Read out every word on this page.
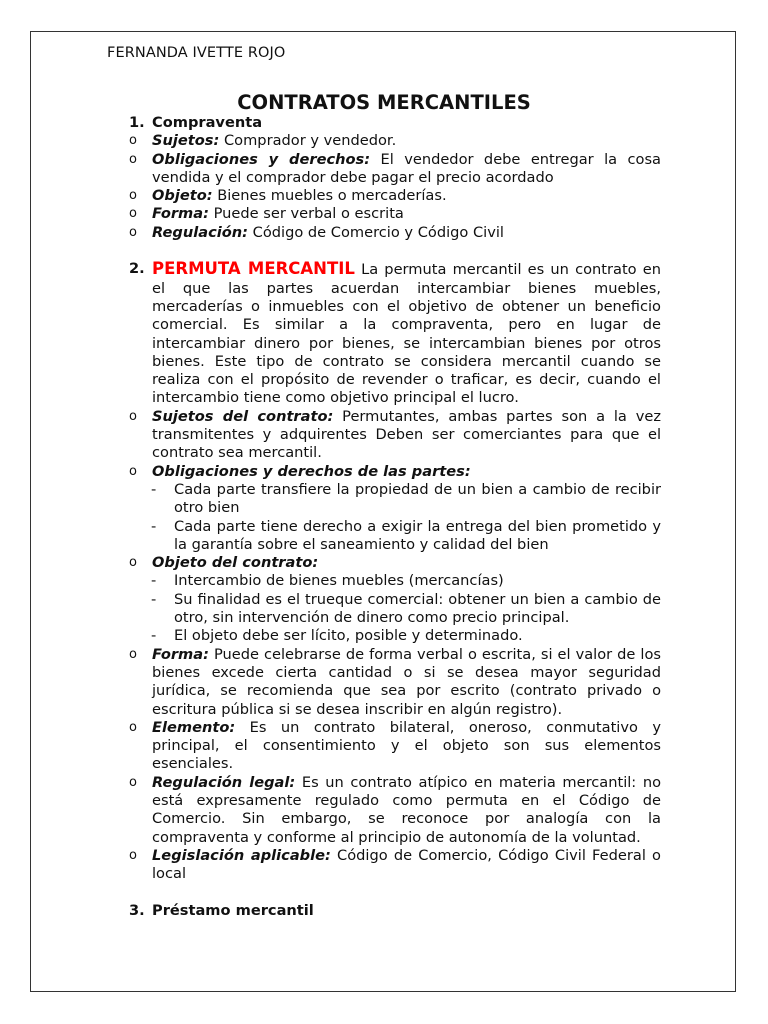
FERNANDA IVETTE ROJO
CONTRATOS MERCANTILES
1. Compraventa
o Sujetos: Comprador y vendedor.
o Obligaciones y derechos: El vendedor debe entregar la cosa vendida y el comprador debe pagar el precio acordado
o Objeto: Bienes muebles o mercaderías.
o Forma: Puede ser verbal o escrita
o Regulación: Código de Comercio y Código Civil
2. PERMUTA MERCANTIL La permuta mercantil es un contrato en el que las partes acuerdan intercambiar bienes muebles, mercaderías o inmuebles con el objetivo de obtener un beneficio comercial. Es similar a la compraventa, pero en lugar de intercambiar dinero por bienes, se intercambian bienes por otros bienes. Este tipo de contrato se considera mercantil cuando se realiza con el propósito de revender o traficar, es decir, cuando el intercambio tiene como objetivo principal el lucro.
o Sujetos del contrato: Permutantes, ambas partes son a la vez transmitentes y adquirentes Deben ser comerciantes para que el contrato sea mercantil.
o Obligaciones y derechos de las partes:
- Cada parte transfiere la propiedad de un bien a cambio de recibir otro bien
- Cada parte tiene derecho a exigir la entrega del bien prometido y la garantía sobre el saneamiento y calidad del bien
o Objeto del contrato:
- Intercambio de bienes muebles (mercancías)
- Su finalidad es el trueque comercial: obtener un bien a cambio de otro, sin intervención de dinero como precio principal.
- El objeto debe ser lícito, posible y determinado.
o Forma: Puede celebrarse de forma verbal o escrita, si el valor de los bienes excede cierta cantidad o si se desea mayor seguridad jurídica, se recomienda que sea por escrito (contrato privado o escritura pública si se desea inscribir en algún registro).
o Elemento: Es un contrato bilateral, oneroso, conmutativo y principal, el consentimiento y el objeto son sus elementos esenciales.
o Regulación legal: Es un contrato atípico en materia mercantil: no está expresamente regulado como permuta en el Código de Comercio. Sin embargo, se reconoce por analogía con la compraventa y conforme al principio de autonomía de la voluntad.
o Legislación aplicable: Código de Comercio, Código Civil Federal o local
3. Préstamo mercantil
